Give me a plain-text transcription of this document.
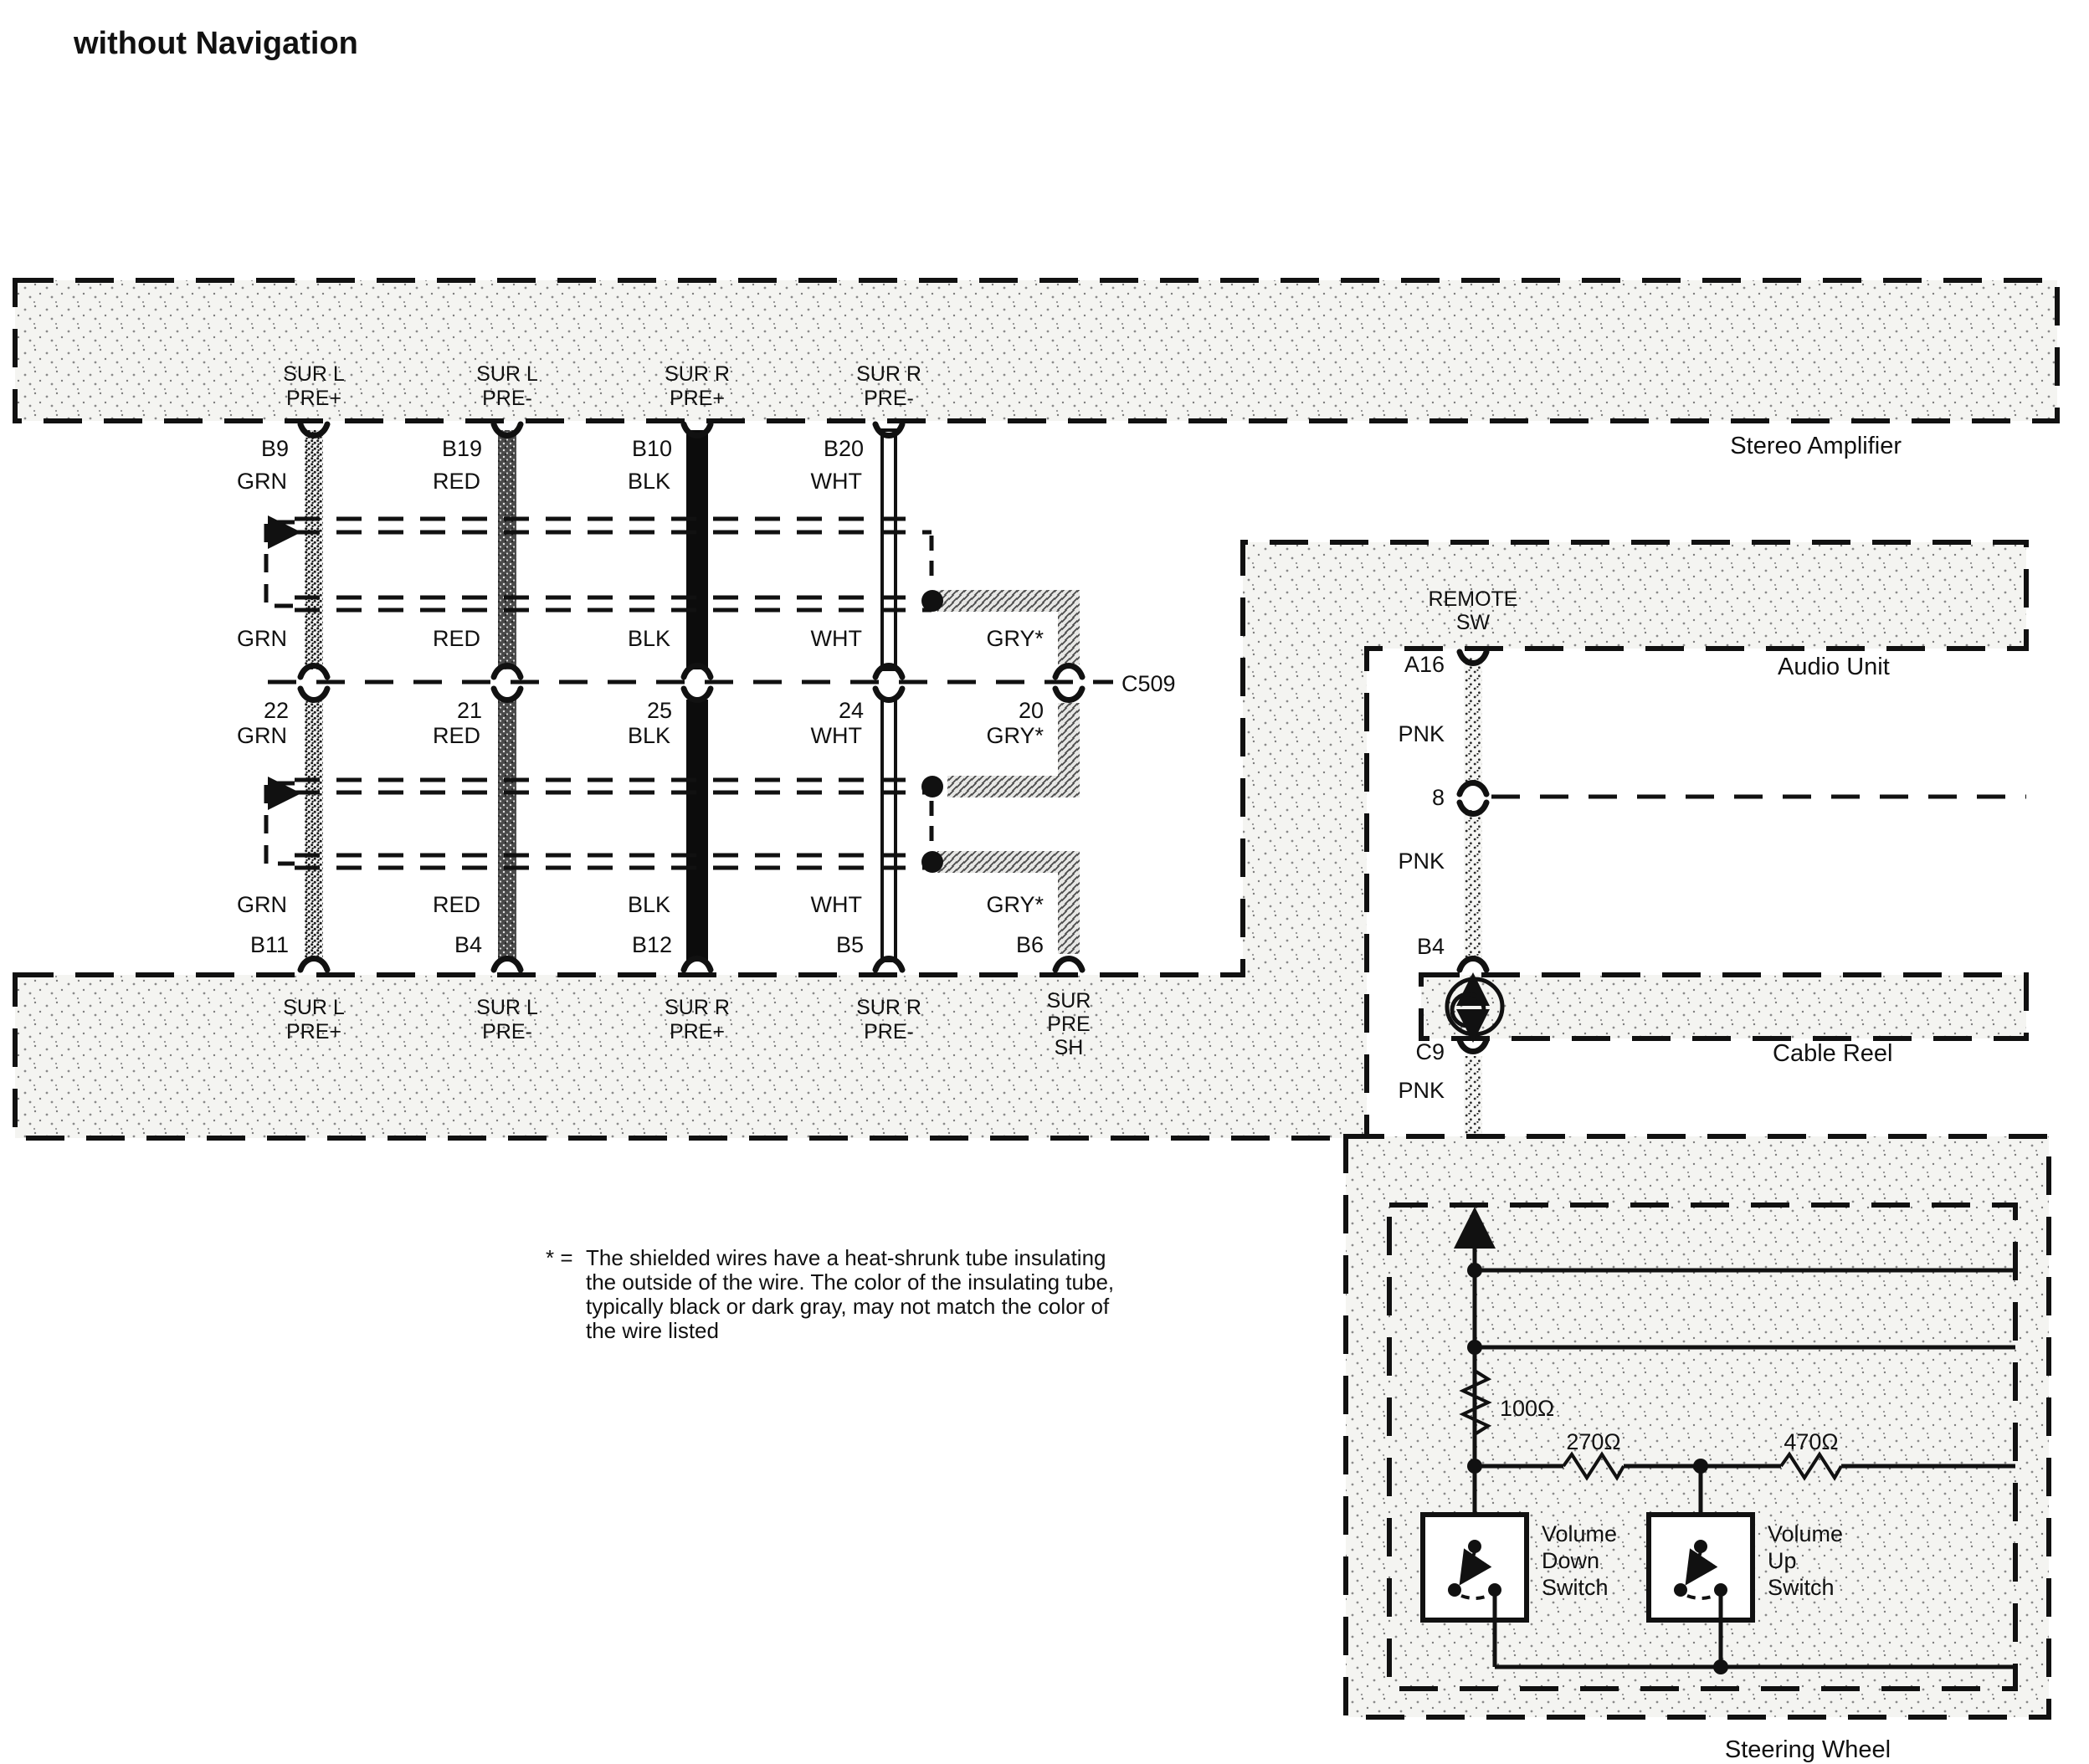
without Navigation
Stereo Amplifier
SUR L
PRE+
SUR L
PRE-
SUR R
PRE+
SUR R
PRE-
B9	B19	B10	B20
GRN	RED	BLK	WHT
GRN	RED	BLK	WHT	GRY*
C509
22	21	25	24	20
GRN	RED	BLK	WHT	GRY*
GRN	RED	BLK	WHT	GRY*
B11	B4	B12	B5	B6
Audio Unit
SUR L
PRE+
SUR L
PRE-
SUR R
PRE+
SUR R
PRE-
SUR
PRE
SH
REMOTE
SW
A16
PNK
8
PNK
B4
C9
PNK
Cable Reel
Steering Wheel
100Ω
270Ω	470Ω
Volume
Down
Switch
Volume
Up
Switch
* = The shielded wires have a heat-shrunk tube insulating
the outside of the wire. The color of the insulating tube,
typically black or dark gray, may not match the color of
the wire listed
